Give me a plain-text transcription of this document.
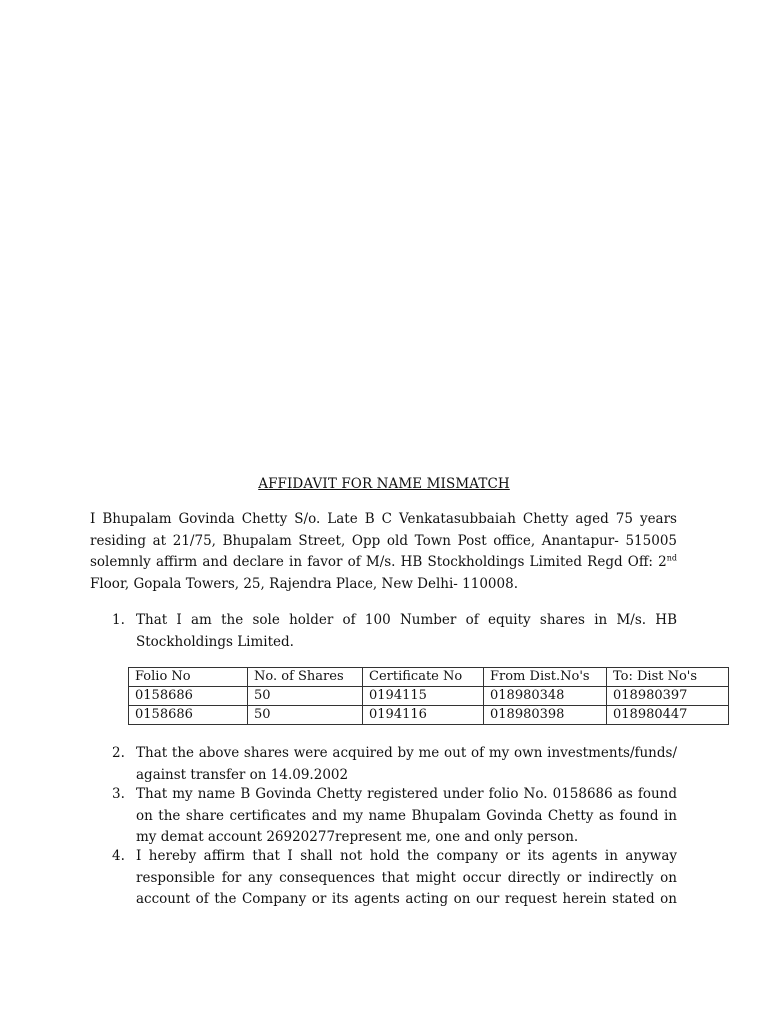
AFFIDAVIT FOR NAME MISMATCH

I Bhupalam Govinda Chetty S/o. Late B C Venkatasubbaiah Chetty aged 75 years residing at 21/75, Bhupalam Street, Opp old Town Post office, Anantapur- 515005 solemnly affirm and declare in favor of M/s. HB Stockholdings Limited Regd Off: 2nd Floor, Gopala Towers, 25, Rajendra Place, New Delhi- 110008.

1. That I am the sole holder of 100 Number of equity shares in M/s. HB Stockholdings Limited.
Folio No	No. of Shares	Certificate No	From Dist.No's	To: Dist No's
0158686	50	0194115	018980348	018980397
0158686	50	0194116	018980398	018980447
2. That the above shares were acquired by me out of my own investments/funds/ against transfer on 14.09.2002
3. That my name B Govinda Chetty registered under folio No. 0158686 as found on the share certificates and my name Bhupalam Govinda Chetty as found in my demat account 26920277represent me, one and only person.
4. I hereby affirm that I shall not hold the company or its agents in anyway responsible for any consequences that might occur directly or indirectly on account of the Company or its agents acting on our request herein stated on
